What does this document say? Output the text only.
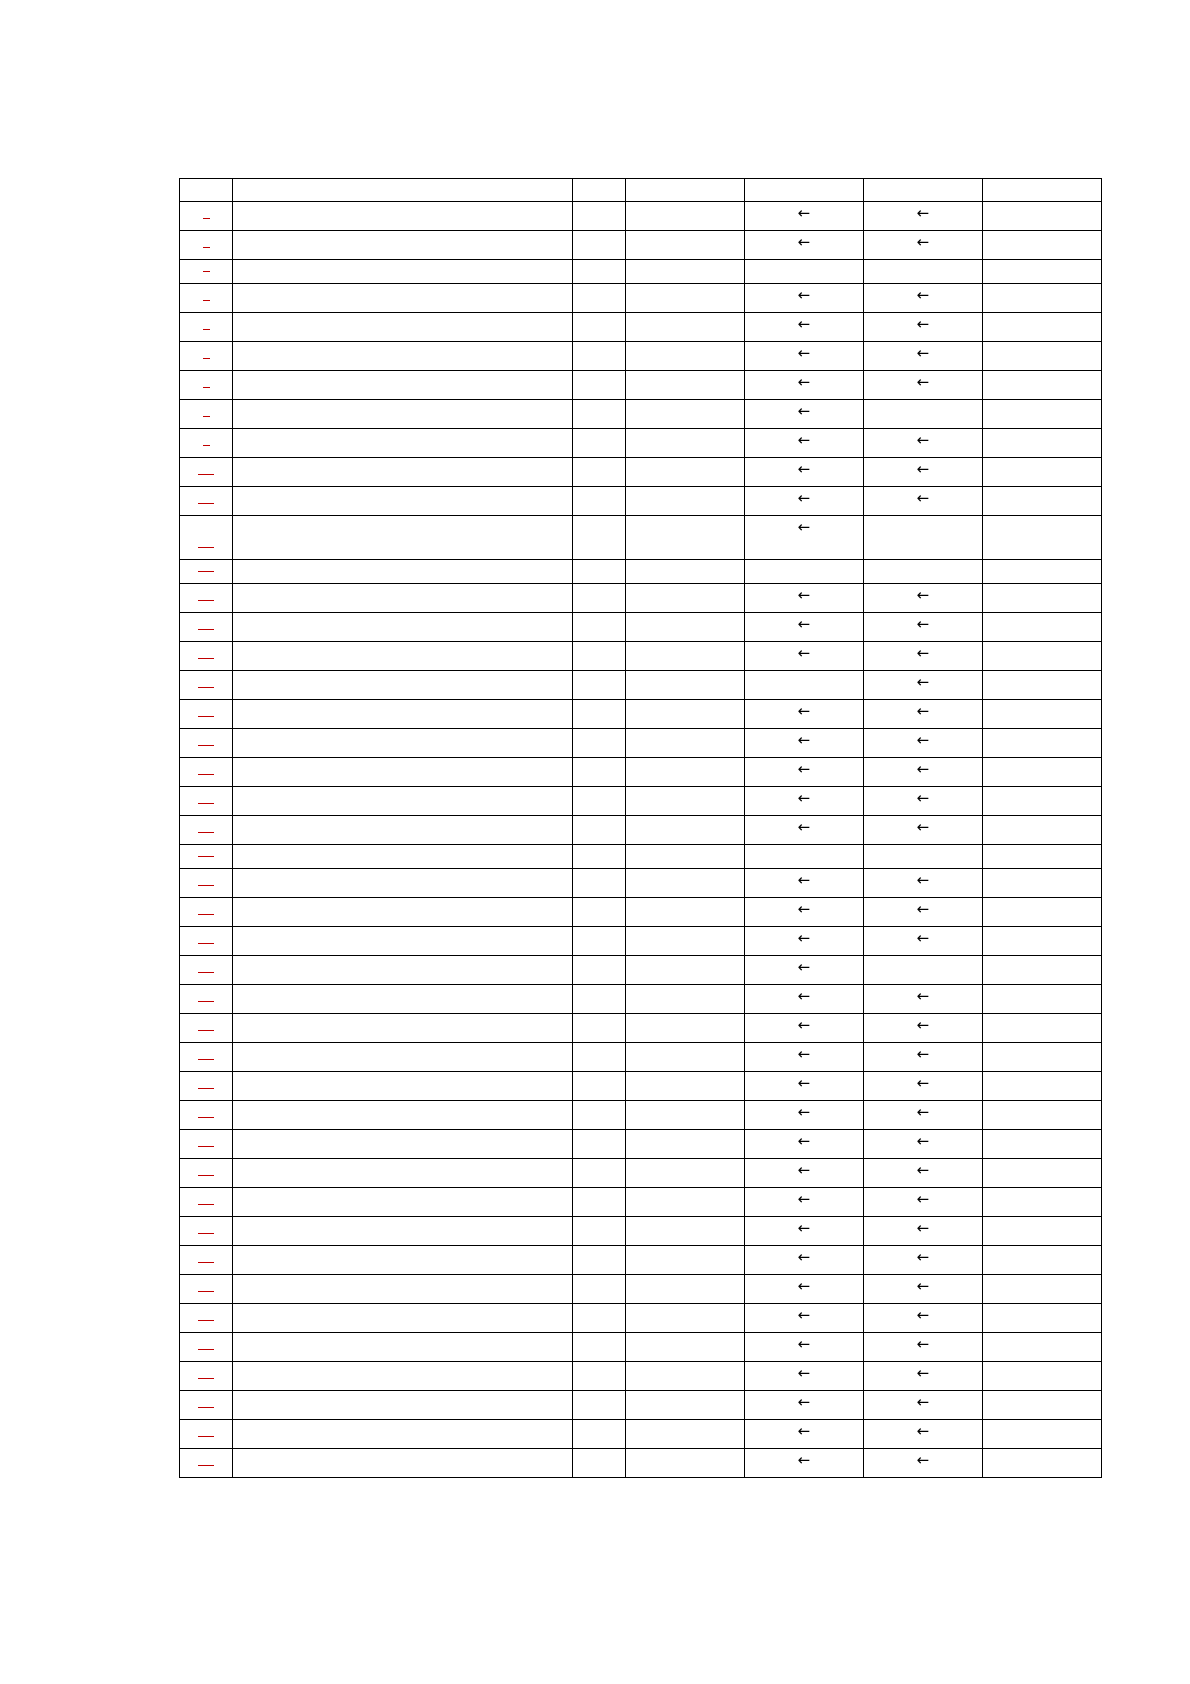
				←	←	

				←	←	

				←	←	

				←	←	

				←	←	

				←	←	

				←		

				←	←	

				←	←	

				←	←	

				←		

				←	←	

				←	←	

				←	←	

					←	

				←	←	

				←	←	

				←	←	

				←	←	

				←	←	

				←	←	

				←	←	

				←	←	

				←		

				←	←	

				←	←	

				←	←	

				←	←	

				←	←	

				←	←	

				←	←	

				←	←	

				←	←	

				←	←	

				←	←	

				←	←	

				←	←	

				←	←	

				←	←	

				←	←	

				←	←	
